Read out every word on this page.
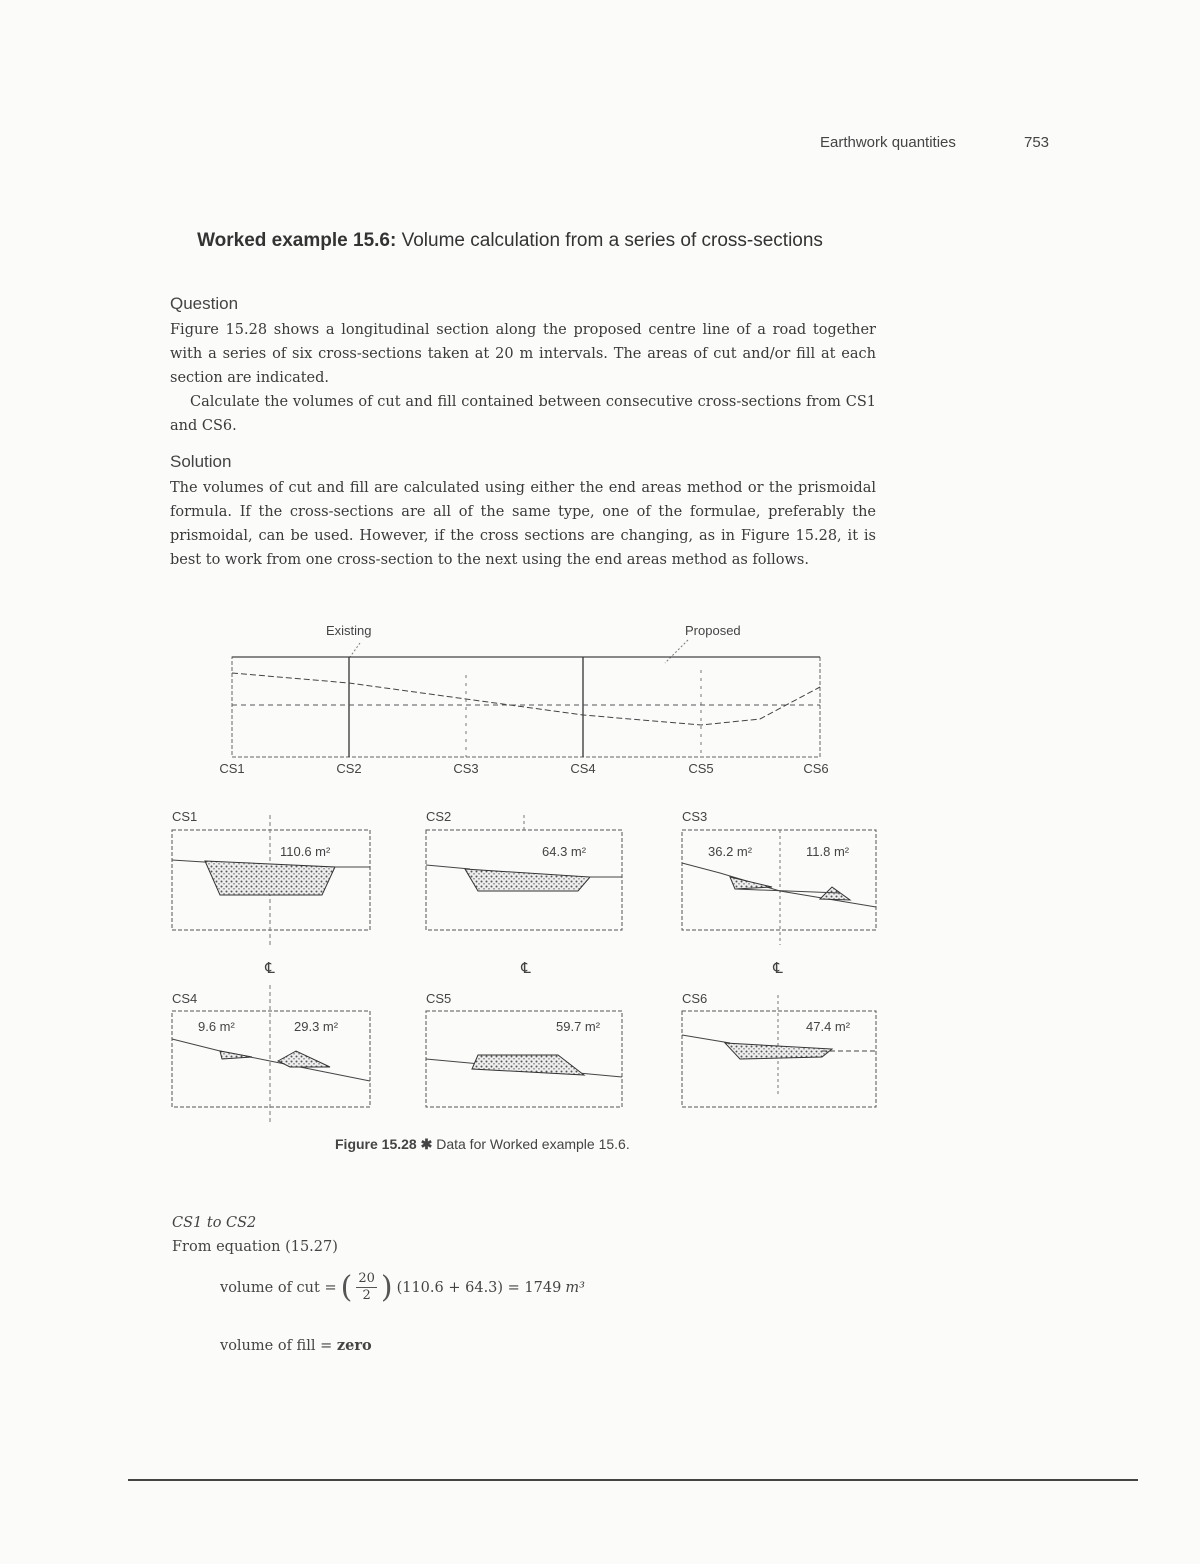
Earthwork quantities	753
Worked example 15.6: Volume calculation from a series of cross-sections
Question
Figure 15.28 shows a longitudinal section along the proposed centre line of a road together with a series of six cross-sections taken at 20 m intervals. The areas of cut and/or fill at each section are indicated.
Calculate the volumes of cut and fill contained between consecutive cross-sections from CS1 and CS6.
Solution
The volumes of cut and fill are calculated using either the end areas method or the prismoidal formula. If the cross-sections are all of the same type, one of the formulae, preferably the prismoidal, can be used. However, if the cross sections are changing, as in Figure 15.28, it is best to work from one cross-section to the next using the end areas method as follows.
Existing	Proposed
CS1	CS2	CS3	CS4	CS5	CS6
CS1
110.6 m²
CS2
64.3 m²
CS3
36.2 m²	11.8 m²
℄	℄	℄
CS4
9.6 m²	29.3 m²
CS5
59.7 m²
CS6
47.4 m²
Figure 15.28 ✱ Data for Worked example 15.6.
CS1 to CS2
From equation (15.27)
volume of cut = ( $\frac{20}{2}$ ) (110.6 + 64.3) = 1749 m³
volume of fill = zero
